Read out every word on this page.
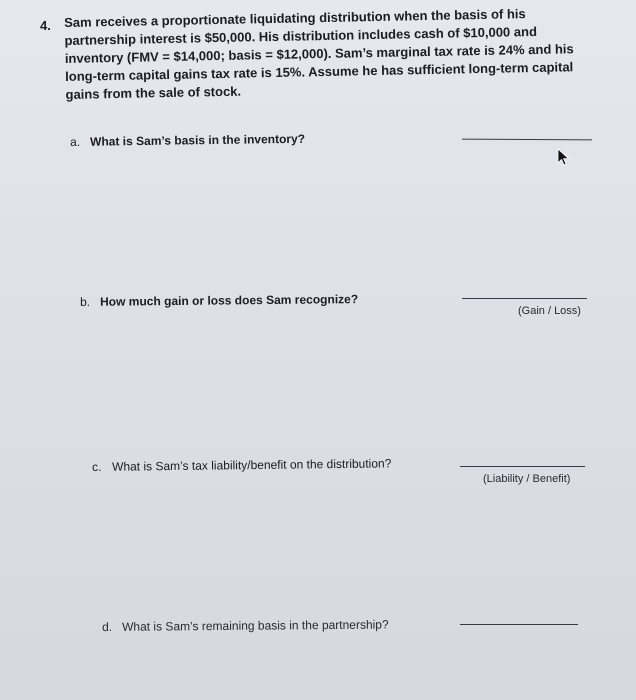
4. Sam receives a proportionate liquidating distribution when the basis of his partnership interest is $50,000. His distribution includes cash of $10,000 and inventory (FMV = $14,000; basis = $12,000). Sam’s marginal tax rate is 24% and his long-term capital gains tax rate is 15%. Assume he has sufficient long-term capital gains from the sale of stock.
a. What is Sam’s basis in the inventory?
b. How much gain or loss does Sam recognize?
(Gain / Loss)
c. What is Sam’s tax liability/benefit on the distribution?
(Liability / Benefit)
d. What is Sam’s remaining basis in the partnership?
